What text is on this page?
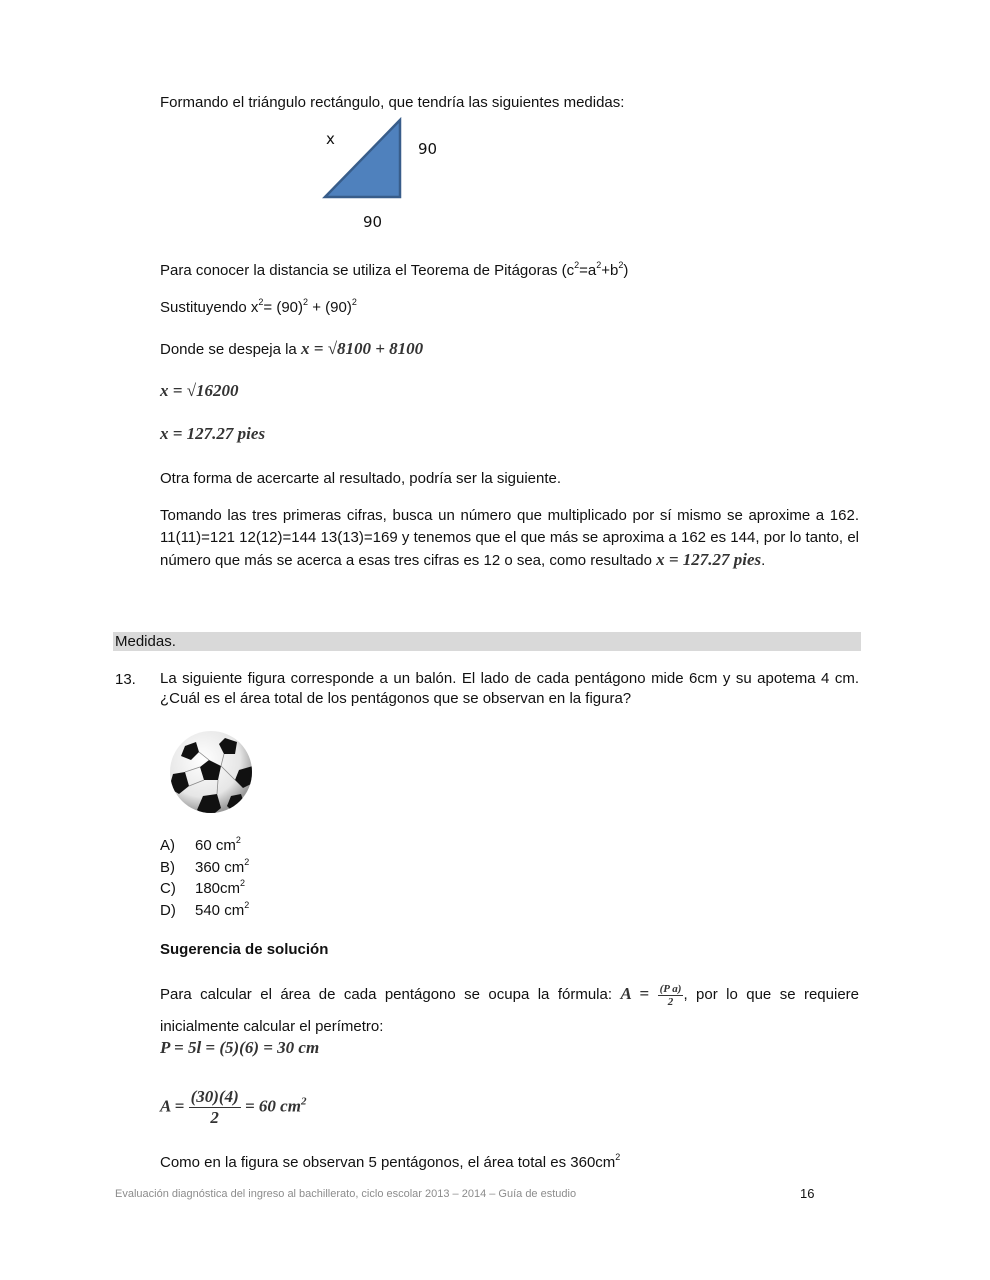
Formando el triángulo rectángulo, que tendría las siguientes medidas:
x
90
90
Para conocer la distancia se utiliza el Teorema de Pitágoras $(c^2=a^2+b^2)$
Sustituyendo $x^2= (90)^2 + (90)^2$
Donde se despeja la x = √8100 + 8100
x = √16200
x = 127.27 pies
Otra forma de acercarte al resultado, podría ser la siguiente.
Tomando las tres primeras cifras, busca un número que multiplicado por sí mismo se aproxime a 162. 11(11)=121 12(12)=144 13(13)=169 y tenemos que el que más se aproxima a 162 es 144, por lo tanto, el número que más se acerca a esas tres cifras es 12 o sea, como resultado x = 127.27 pies.
Medidas.
13. La siguiente figura corresponde a un balón. El lado de cada pentágono mide 6cm y su apotema 4 cm. ¿Cuál es el área total de los pentágonos que se observan en la figura?
A) 60 $cm^2$
B) 360 $cm^2$
C) $180cm^2$
D) 540 $cm^2$
Sugerencia de solución
Para calcular el área de cada pentágono se ocupa la fórmula: $A = \frac{\text{(P a)}}{2}$ , por lo que se requiere inicialmente calcular el perímetro:
P = 5l = (5)(6) = 30 cm
$A = \frac{(30)(4)}{2} = 60$ $cm^2$
Como en la figura se observan 5 pentágonos, el área total es $360cm^2$
Evaluación diagnóstica del ingreso al bachillerato, ciclo escolar 2013 – 2014 – Guía de estudio	16
